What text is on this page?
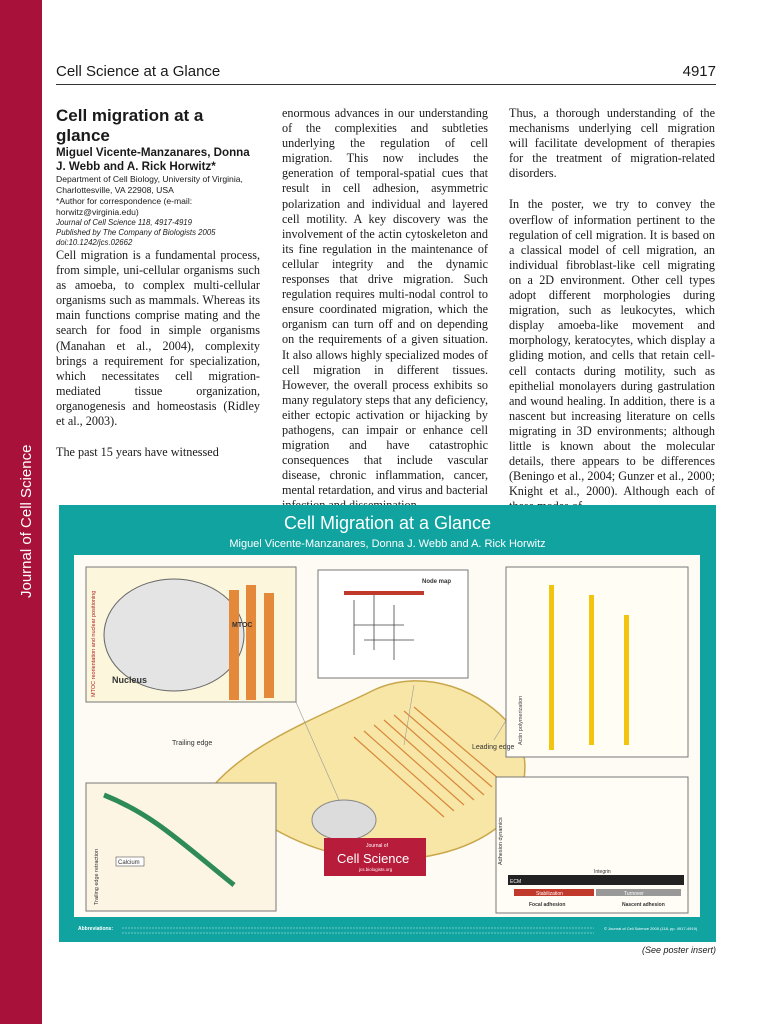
Journal of Cell Science
Cell Science at a Glance	4917

Cell migration at a glance

Miguel Vicente-Manzanares, Donna J. Webb and A. Rick Horwitz*

Department of Cell Biology, University of Virginia, Charlottesville, VA 22908, USA
*Author for correspondence (e-mail: horwitz@virginia.edu)

Journal of Cell Science 118, 4917-4919
Published by The Company of Biologists 2005
doi:10.1242/jcs.02662

Cell migration is a fundamental process, from simple, uni-cellular organisms such as amoeba, to complex multi-cellular organisms such as mammals. Whereas its main functions comprise mating and the search for food in simple organisms (Manahan et al., 2004), complexity brings a requirement for specialization, which necessitates cell migration-mediated tissue organization, organogenesis and homeostasis (Ridley et al., 2003).

The past 15 years have witnessed

enormous advances in our understanding of the complexities and subtleties underlying the regulation of cell migration. This now includes the generation of temporal-spatial cues that result in cell adhesion, asymmetric polarization and individual and layered cell motility. A key discovery was the involvement of the actin cytoskeleton and its fine regulation in the maintenance of cellular integrity and the dynamic responses that drive migration. Such regulation requires multi-nodal control to ensure coordinated migration, which the organism can turn off and on depending on the requirements of a given situation. It also allows highly specialized modes of cell migration in different tissues. However, the overall process exhibits so many regulatory steps that any deficiency, either ectopic activation or hijacking by pathogens, can impair or enhance cell migration and have catastrophic consequences that include vascular disease, chronic inflammation, cancer, mental retardation, and virus and bacterial

Thus, a thorough understanding of the mechanisms underlying cell migration will facilitate development of therapies for the treatment of migration-related disorders.

In the poster, we try to convey the overflow of information pertinent to the regulation of cell migration. It is based on a classical model of cell migration, an individual fibroblast-like cell migrating on a 2D environment. Other cell types adopt different morphologies during migration, such as leukocytes, which display amoeba-like movement and morphology, keratocytes, which display a gliding motion, and cells that retain cell-cell contacts during motility, such as epithelial monolayers during gastrulation and wound healing. In addition, there is a nascent but increasing literature on cells migrating in 3D environments; although little is known about the molecular details, there appears to be differences (Beningo et al., 2004; Gunzer et al., 2000; Knight et al., 2000). Although each of

Cell Migration at a Glance
Miguel Vicente-Manzanares, Donna J. Webb and A. Rick Horwitz
Nucleus
MTOC
MTOC reorientation and nuclear positioning
Node map
Actin polymerization
Trailing edge
Leading edge
Calcium
Trailing edge retraction
Journal of
Cell Science
jcs.biologists.org
Adhesion dynamics
ECM
Integrin
Stabilization	Turnover
Focal adhesion	Nascent adhesion
Abbreviations:	© Journal of Cell Science 2005 (118, pp. 4917-4919)
(See poster insert)
